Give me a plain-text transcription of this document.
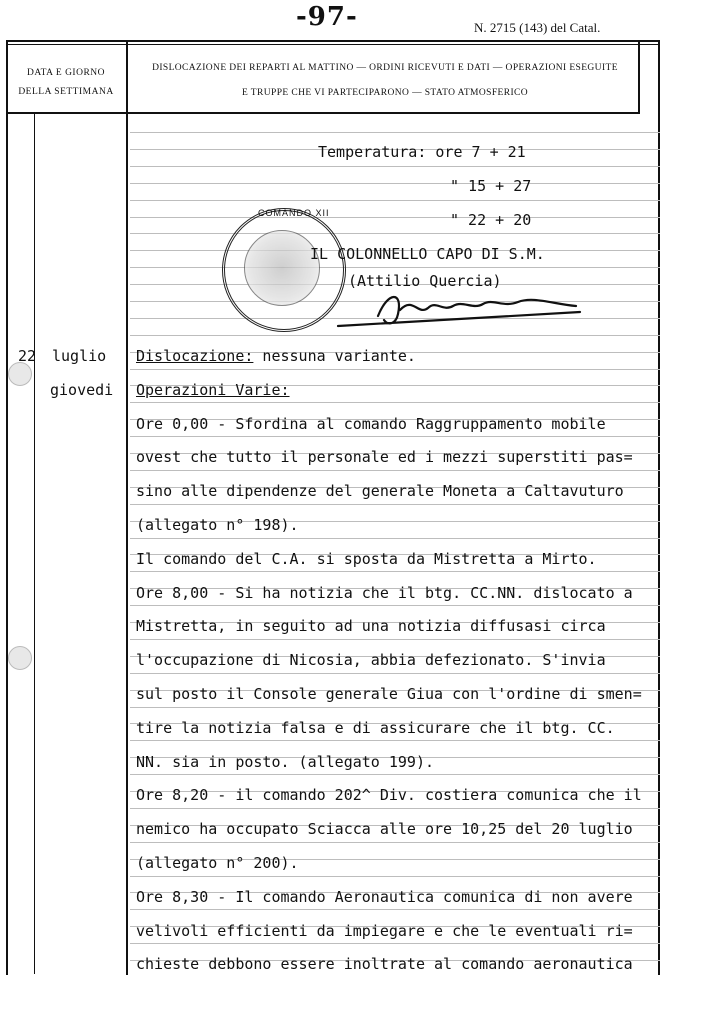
-97-	N. 2715 (143) del Catal.
DATA E GIORNO
DELLA SETTIMANA
DISLOCAZIONE DEI REPARTI AL MATTINO — ORDINI RICEVUTI E DATI — OPERAZIONI ESEGUITE
E TRUPPE CHE VI PARTECIPARONO — STATO ATMOSFERICO
Temperatura: ore 7 + 21
" 15 + 27
" 22 + 20
COMANDO XII
IL COLONNELLO CAPO DI S.M.
(Attilio Quercia)
22 luglio
giovedi
Dislocazione: nessuna variante.
Operazioni Varie:
Ore 0,00 - Sfordina al comando Raggruppamento mobile
ovest che tutto il personale ed i mezzi superstiti pas=
sino alle dipendenze del generale Moneta a Caltavuturo
(allegato n° 198).
Il comando del C.A. si sposta da Mistretta a Mirto.
Ore 8,00 - Si ha notizia che il btg. CC.NN. dislocato a
Mistretta, in seguito ad una notizia diffusasi circa
l'occupazione di Nicosia, abbia defezionato. S'invia
sul posto il Console generale Giua con l'ordine di smen=
tire la notizia falsa e di assicurare che il btg. CC.
NN. sia in posto. (allegato 199).
Ore 8,20 - il comando 202^ Div. costiera comunica che il
nemico ha occupato Sciacca alle ore 10,25 del 20 luglio
(allegato n° 200).
Ore 8,30 - Il comando Aeronautica comunica di non avere
velivoli efficienti da impiegare e che le eventuali ri=
chieste debbono essere inoltrate al comando aeronautica
